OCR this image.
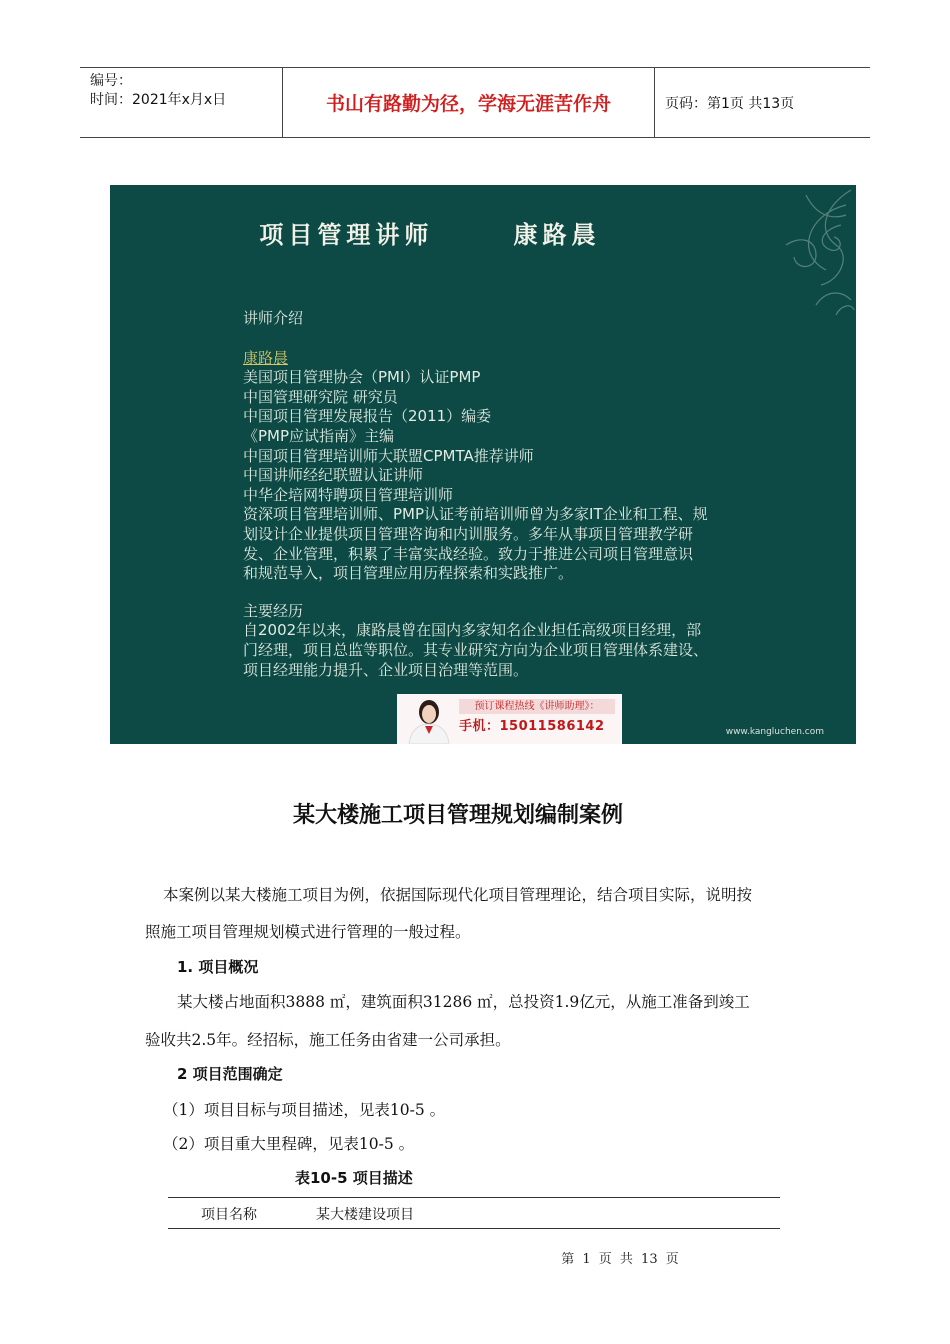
编号：
时间：2021年x月x日	书山有路勤为径，学海无涯苦作舟	页码：第1页 共13页
项目管理讲师      康路晨

讲师介绍

康路晨

美国项目管理协会（PMI）认证PMP

中国管理研究院 研究员

中国项目管理发展报告（2011）编委

《PMP应试指南》主编

中国项目管理培训师大联盟CPMTA推荐讲师

中国讲师经纪联盟认证讲师

中华企培网特聘项目管理培训师

资深项目管理培训师、PMP认证考前培训师曾为多家IT企业和工程、规

划设计企业提供项目管理咨询和内训服务。多年从事项目管理教学研

发、企业管理，积累了丰富实战经验。致力于推进公司项目管理意识

和规范导入，项目管理应用历程探索和实践推广。

主要经历

自2002年以来，康路晨曾在国内多家知名企业担任高级项目经理，部

门经理，项目总监等职位。其专业研究方向为企业项目管理体系建设、

项目经理能力提升、企业项目治理等范围。

预订课程热线《讲师助理》：
手机：15011586142	www.kangluchen.com
某大楼施工项目管理规划编制案例
本案例以某大楼施工项目为例，依据国际现代化项目管理理论，结合项目实际，说明按
照施工项目管理规划模式进行管理的一般过程。
1. 项目概况
某大楼占地面积3888 ㎡，建筑面积31286 ㎡，总投资1.9亿元，从施工准备到竣工
验收共2.5年。经招标，施工任务由省建一公司承担。
2 项目范围确定
（1）项目目标与项目描述，见表10-5 。
（2）项目重大里程碑，见表10-5 。
表10-5 项目描述
项目名称	某大楼建设项目
第 1 页 共 13 页
